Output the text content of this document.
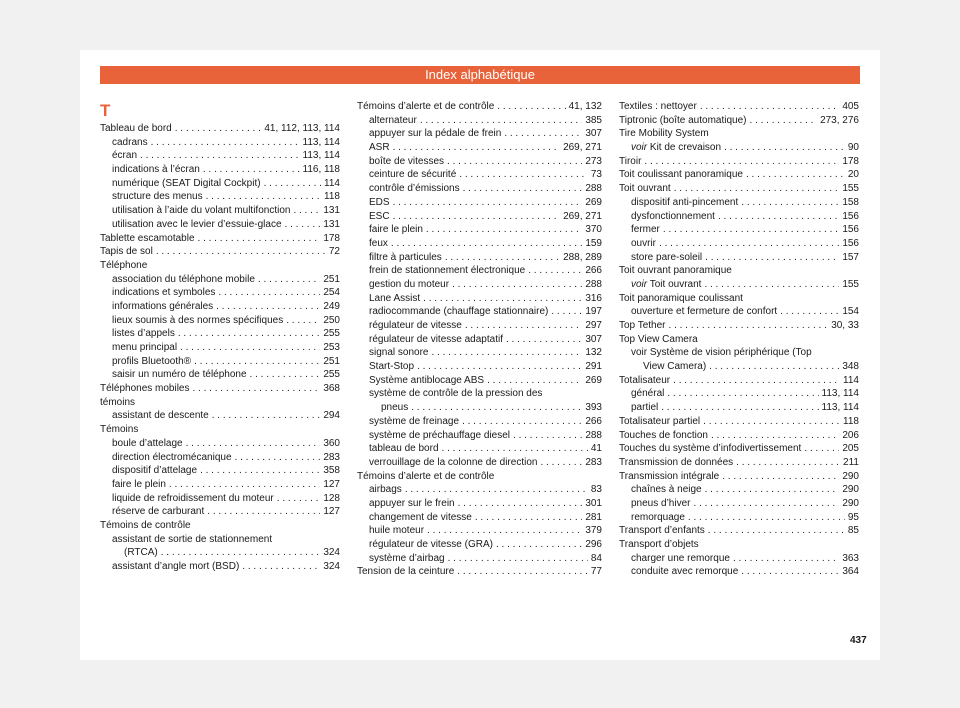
Index alphabétique
T
Tableau de bord . . .	41, 112, 113, 114
cadrans . . .	113, 114
écran . . .	113, 114
indications à l’écran . . .	116, 118
numérique (SEAT Digital Cockpit) . . .	114
structure des menus . . .	118
utilisation à l’aide du volant multifonction . . .	131
utilisation avec le levier d’essuie-glace . . .	131
Tablette escamotable . . .	178
Tapis de sol . . .	72
Téléphone
association du téléphone mobile . . .	251
indications et symboles . . .	254
informations générales . . .	249
lieux soumis à des normes spécifiques . . .	250
listes d’appels . . .	255
menu principal . . .	253
profils Bluetooth® . . .	251
saisir un numéro de téléphone . . .	255
Téléphones mobiles . . .	368
témoins
assistant de descente . . .	294
Témoins
boule d’attelage . . .	360
direction électromécanique . . .	283
dispositif d’attelage . . .	358
faire le plein . . .	127
liquide de refroidissement du moteur . . .	128
réserve de carburant . . .	127
Témoins de contrôle
assistant de sortie de stationnement
(RTCA) . . .	324
assistant d’angle mort (BSD) . . .	324
Témoins d’alerte et de contrôle . . .	41, 132
alternateur . . .	385
appuyer sur la pédale de frein . . .	307
ASR . . .	269, 271
boîte de vitesses . . .	273
ceinture de sécurité . . .	73
contrôle d’émissions . . .	288
EDS . . .	269
ESC . . .	269, 271
faire le plein . . .	370
feux . . .	159
filtre à particules . . .	288, 289
frein de stationnement électronique . . .	266
gestion du moteur . . .	288
Lane Assist . . .	316
radiocommande (chauffage stationnaire) . . .	197
régulateur de vitesse . . .	297
régulateur de vitesse adaptatif . . .	307
signal sonore . . .	132
Start-Stop . . .	291
Système antiblocage ABS . . .	269
système de contrôle de la pression des
pneus . . .	393
système de freinage . . .	266
système de préchauffage diesel . . .	288
tableau de bord . . .	41
verrouillage de la colonne de direction . . .	283
Témoins d’alerte et de contrôle
airbags . . .	83
appuyer sur le frein . . .	301
changement de vitesse . . .	281
huile moteur . . .	379
régulateur de vitesse (GRA) . . .	296
système d’airbag . . .	84
Tension de la ceinture . . .	77
Textiles : nettoyer . . .	405
Tiptronic (boîte automatique) . . .	273, 276
Tire Mobility System
voir Kit de crevaison . . .	90
Tiroir . . .	178
Toit coulissant panoramique . . .	20
Toit ouvrant . . .	155
dispositif anti-pincement . . .	158
dysfonctionnement . . .	156
fermer . . .	156
ouvrir . . .	156
store pare-soleil . . .	157
Toit ouvrant panoramique
voir Toit ouvrant . . .	155
Toit panoramique coulissant
ouverture et fermeture de confort . . .	154
Top Tether . . .	30, 33
Top View Camera
voir Système de vision périphérique (Top
View Camera) . . .	348
Totalisateur . . .	114
général . . .	113, 114
partiel . . .	113, 114
Totalisateur partiel . . .	118
Touches de fonction . . .	206
Touches du système d’infodivertissement . . .	205
Transmission de données . . .	211
Transmission intégrale . . .	290
chaînes à neige . . .	290
pneus d’hiver . . .	290
remorquage . . .	95
Transport d’enfants . . .	85
Transport d’objets
charger une remorque . . .	363
conduite avec remorque . . .	364
437
